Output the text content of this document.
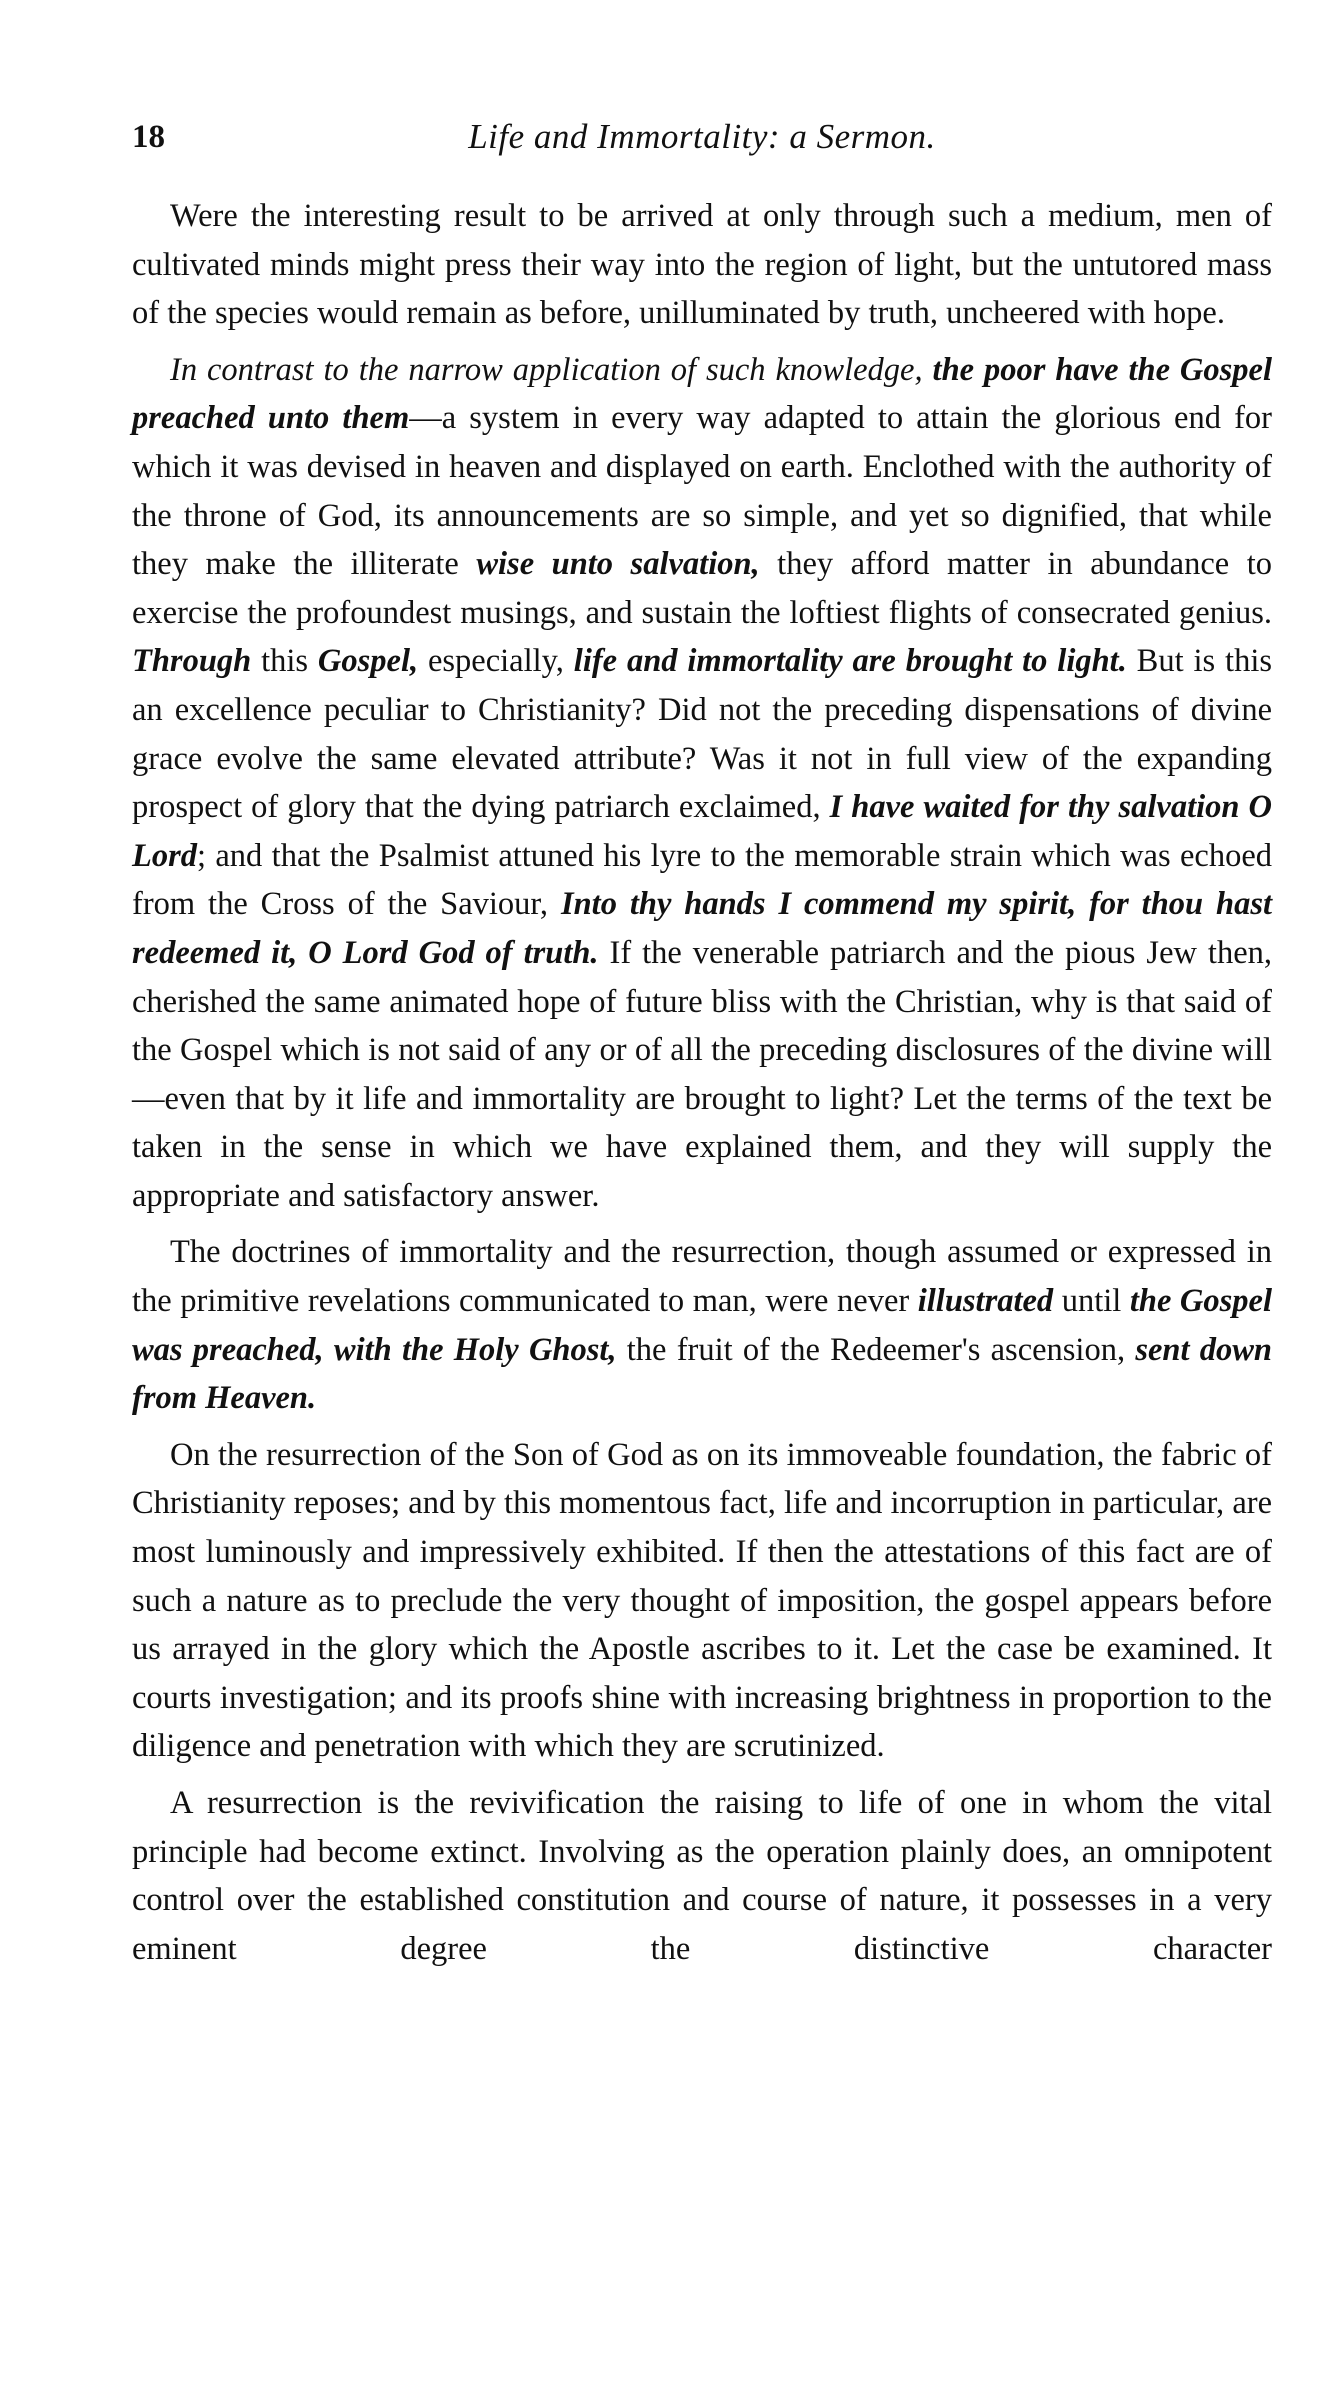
18	Life and Immortality: a Sermon.

Were the interesting result to be arrived at only through such a medium, men of cultivated minds might press their way into the region of light, but the untutored mass of the species would remain as before, unilluminated by truth, uncheered with hope.

In contrast to the narrow application of such knowledge, the poor have the Gospel preached unto them—a system in every way adapted to attain the glorious end for which it was devised in heaven and displayed on earth. Enclothed with the authority of the throne of God, its announcements are so simple, and yet so dignified, that while they make the illiterate wise unto salvation, they afford matter in abundance to exercise the profoundest musings, and sustain the loftiest flights of consecrated genius. Through this Gospel, especially, life and immortality are brought to light. But is this an excellence peculiar to Christianity? Did not the preceding dispensations of divine grace evolve the same elevated attribute? Was it not in full view of the expanding prospect of glory that the dying patriarch exclaimed, I have waited for thy salvation O Lord; and that the Psalmist attuned his lyre to the memorable strain which was echoed from the Cross of the Saviour, Into thy hands I commend my spirit, for thou hast redeemed it, O Lord God of truth. If the venerable patriarch and the pious Jew then, cherished the same animated hope of future bliss with the Christian, why is that said of the Gospel which is not said of any or of all the preceding disclosures of the divine will—even that by it life and immortality are brought to light? Let the terms of the text be taken in the sense in which we have explained them, and they will supply the appropriate and satisfactory answer.

The doctrines of immortality and the resurrection, though assumed or expressed in the primitive revelations communicated to man, were never illustrated until the Gospel was preached, with the Holy Ghost, the fruit of the Redeemer's ascension, sent down from Heaven.

On the resurrection of the Son of God as on its immoveable foundation, the fabric of Christianity reposes; and by this momentous fact, life and incorruption in particular, are most luminously and impressively exhibited. If then the attestations of this fact are of such a nature as to preclude the very thought of imposition, the gospel appears before us arrayed in the glory which the Apostle ascribes to it. Let the case be examined. It courts investigation; and its proofs shine with increasing brightness in proportion to the diligence and penetration with which they are scrutinized.

A resurrection is the revivification the raising to life of one in whom the vital principle had become extinct. Involving as the operation plainly does, an omnipotent control over the established constitution and course of nature, it possesses in a very eminent degree the distinctive character
